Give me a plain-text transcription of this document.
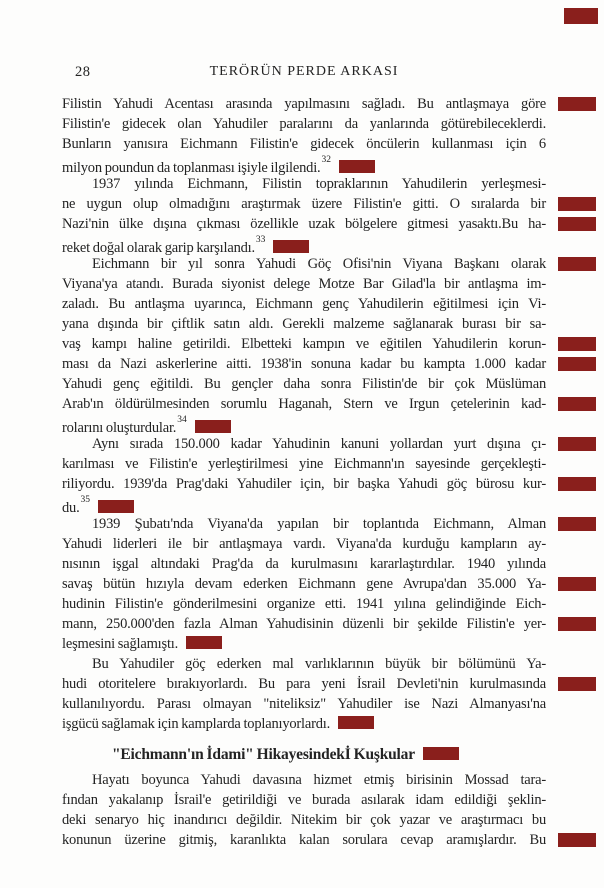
28	TERÖRÜN PERDE ARKASI
Filistin Yahudi Acentası arasında yapılmasını sağladı. Bu antlaşmaya göre
Filistin'e gidecek olan Yahudiler paralarını da yanlarında götürebileceklerdi.
Bunların yanısıra Eichmann Filistin'e gidecek öncülerin kullanması için 6
milyon poundun da toplanması işiyle ilgilendi.$^{32}$
1937 yılında Eichmann, Filistin topraklarının Yahudilerin yerleşmesi-
ne uygun olup olmadığını araştırmak üzere Filistin'e gitti. O sıralarda bir
Nazi'nin ülke dışına çıkması özellikle uzak bölgelere gitmesi yasaktı.Bu ha-
reket doğal olarak garip karşılandı.$^{33}$
Eichmann bir yıl sonra Yahudi Göç Ofisi'nin Viyana Başkanı olarak
Viyana'ya atandı. Burada siyonist delege Motze Bar Gilad'la bir antlaşma im-
zaladı. Bu antlaşma uyarınca, Eichmann genç Yahudilerin eğitilmesi için Vi-
yana dışında bir çiftlik satın aldı. Gerekli malzeme sağlanarak burası bir sa-
vaş kampı haline getirildi. Elbetteki kampın ve eğitilen Yahudilerin korun-
ması da Nazi askerlerine aitti. 1938'in sonuna kadar bu kampta 1.000 kadar
Yahudi genç eğitildi. Bu gençler daha sonra Filistin'de bir çok Müslüman
Arab'ın öldürülmesinden sorumlu Haganah, Stern ve Irgun çetelerinin kad-
rolarını oluşturdular.$^{34}$
Aynı sırada 150.000 kadar Yahudinin kanuni yollardan yurt dışına çı-
karılması ve Filistin'e yerleştirilmesi yine Eichmann'ın sayesinde gerçekleşti-
riliyordu. 1939'da Prag'daki Yahudiler için, bir başka Yahudi göç bürosu kur-
du.$^{35}$
1939 Şubatı'nda Viyana'da yapılan bir toplantıda Eichmann, Alman
Yahudi liderleri ile bir antlaşmaya vardı. Viyana'da kurduğu kampların ay-
nısının işgal altındaki Prag'da da kurulmasını kararlaştırdılar. 1940 yılında
savaş bütün hızıyla devam ederken Eichmann gene Avrupa'dan 35.000 Ya-
hudinin Filistin'e gönderilmesini organize etti. 1941 yılına gelindiğinde Eich-
mann, 250.000'den fazla Alman Yahudisinin düzenli bir şekilde Filistin'e yer-
leşmesini sağlamıştı.
Bu Yahudiler göç ederken mal varlıklarının büyük bir bölümünü Ya-
hudi otoritelere bırakıyorlardı. Bu para yeni İsrail Devleti'nin kurulmasında
kullanılıyordu. Parası olmayan "niteliksiz" Yahudiler ise Nazi Almanyası'na
işgücü sağlamak için kamplarda toplanıyorlardı.
"Eichmann'ın İdami" Hikayesindekİ Kuşkular
Hayatı boyunca Yahudi davasına hizmet etmiş birisinin Mossad tara-
fından yakalanıp İsrail'e getirildiği ve burada asılarak idam edildiği şeklin-
deki senaryo hiç inandırıcı değildir. Nitekim bir çok yazar ve araştırmacı bu
konunun üzerine gitmiş, karanlıkta kalan sorulara cevap aramışlardır. Bu
